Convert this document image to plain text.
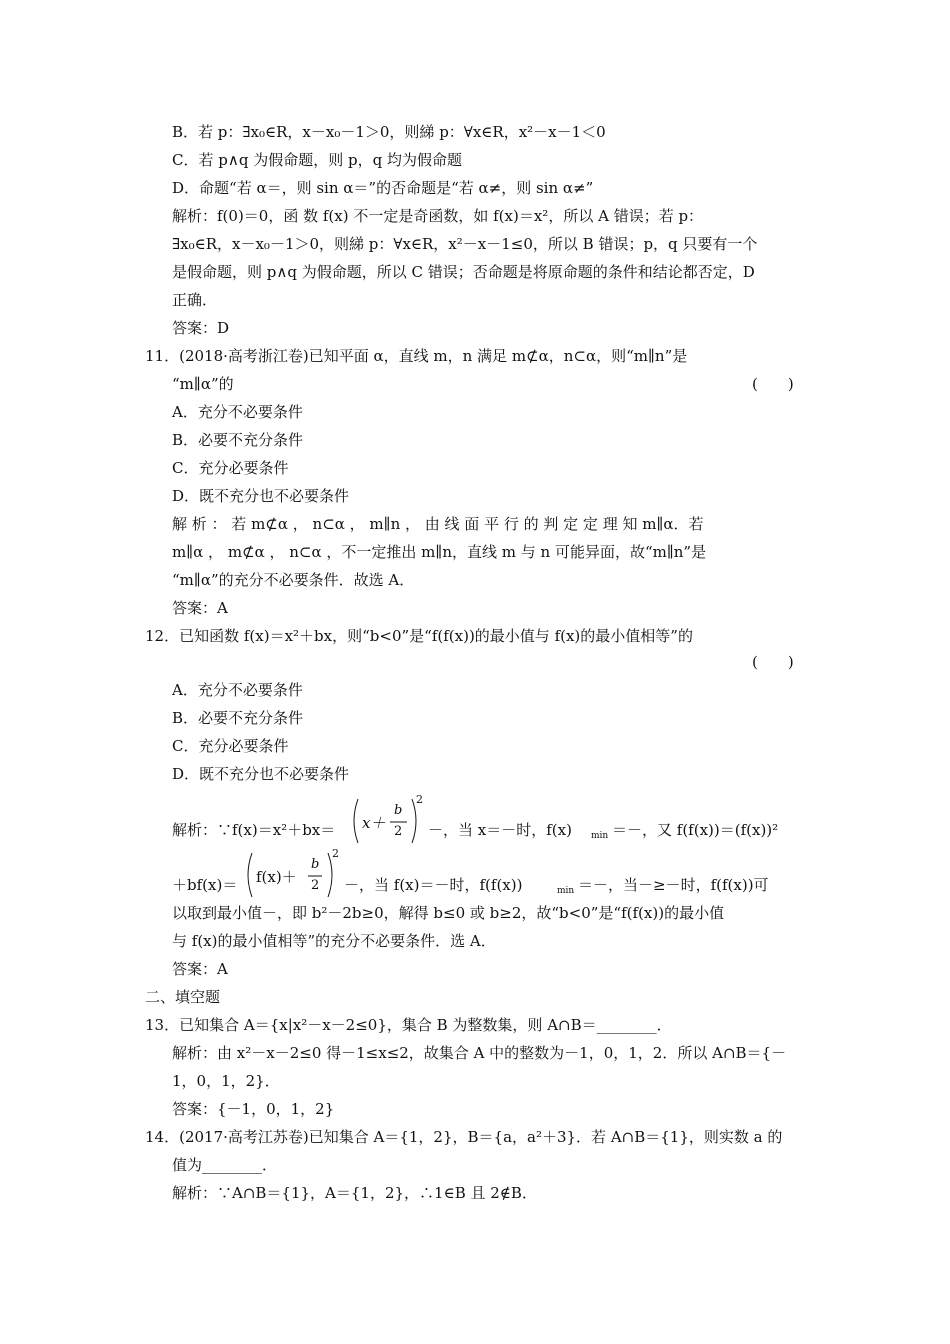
B．若 p：∃x₀∈R，x－x₀－1＞0，则綈 p：∀x∈R，x²－x－1＜0
C．若 p∧q 为假命题，则 p，q 均为假命题
D．命题“若 α＝，则 sin α＝”的否命题是“若 α≠，则 sin α≠”
解析：f(0)＝0，函 数 f(x) 不一定是奇函数，如 f(x)＝x²，所以 A 错误；若 p：
∃x₀∈R，x－x₀－1＞0，则綈 p：∀x∈R，x²－x－1≤0，所以 B 错误；p，q 只要有一个
是假命题，则 p∧q 为假命题，所以 C 错误；否命题是将原命题的条件和结论都否定，D
正确．
答案：D
11．(2018·高考浙江卷)已知平面 α，直线 m，n 满足 m⊄α，n⊂α，则“m∥n”是
“m∥α”的	(　　)
A．充分不必要条件
B．必要不充分条件
C．充分必要条件
D．既不充分也不必要条件
解 析 ： 若 m⊄α ， n⊂α ， m∥n ， 由 线 面 平 行 的 判 定 定 理 知 m∥α．若
m∥α ， m⊄α ， n⊂α ，不一定推出 m∥n，直线 m 与 n 可能异面，故“m∥n”是
“m∥α”的充分不必要条件．故选 A．
答案：A
12．已知函数 f(x)＝x²＋bx，则“b<0”是“f(f(x))的最小值与 f(x)的最小值相等”的
(　　)
A．充分不必要条件
B．必要不充分条件
C．充分必要条件
D．既不充分也不必要条件
解析：∵f(x)＝x²＋bx＝ x＋
b
2
2
－，当 x＝－时，f(x) min ＝－，又 f(f(x))＝(f(x))²
＋bf(x)＝ f(x)＋
b
2
2
－，当 f(x)＝－时，f(f(x))	min ＝－，当－≥－时，f(f(x))可
以取到最小值－，即 b²－2b≥0，解得 b≤0 或 b≥2，故“b<0”是“f(f(x))的最小值
与 f(x)的最小值相等”的充分不必要条件．选 A．
答案：A
二、填空题
13．已知集合 A＝{x|x²－x－2≤0}，集合 B 为整数集，则 A∩B＝________．
解析：由 x²－x－2≤0 得－1≤x≤2，故集合 A 中的整数为－1，0，1，2．所以 A∩B＝{－
1，0，1，2}．
答案：{－1，0，1，2}
14．(2017·高考江苏卷)已知集合 A＝{1，2}，B＝{a，a²＋3}．若 A∩B＝{1}，则实数 a 的
值为________．
解析：∵A∩B＝{1}，A＝{1，2}，∴1∈B 且 2∉B．
